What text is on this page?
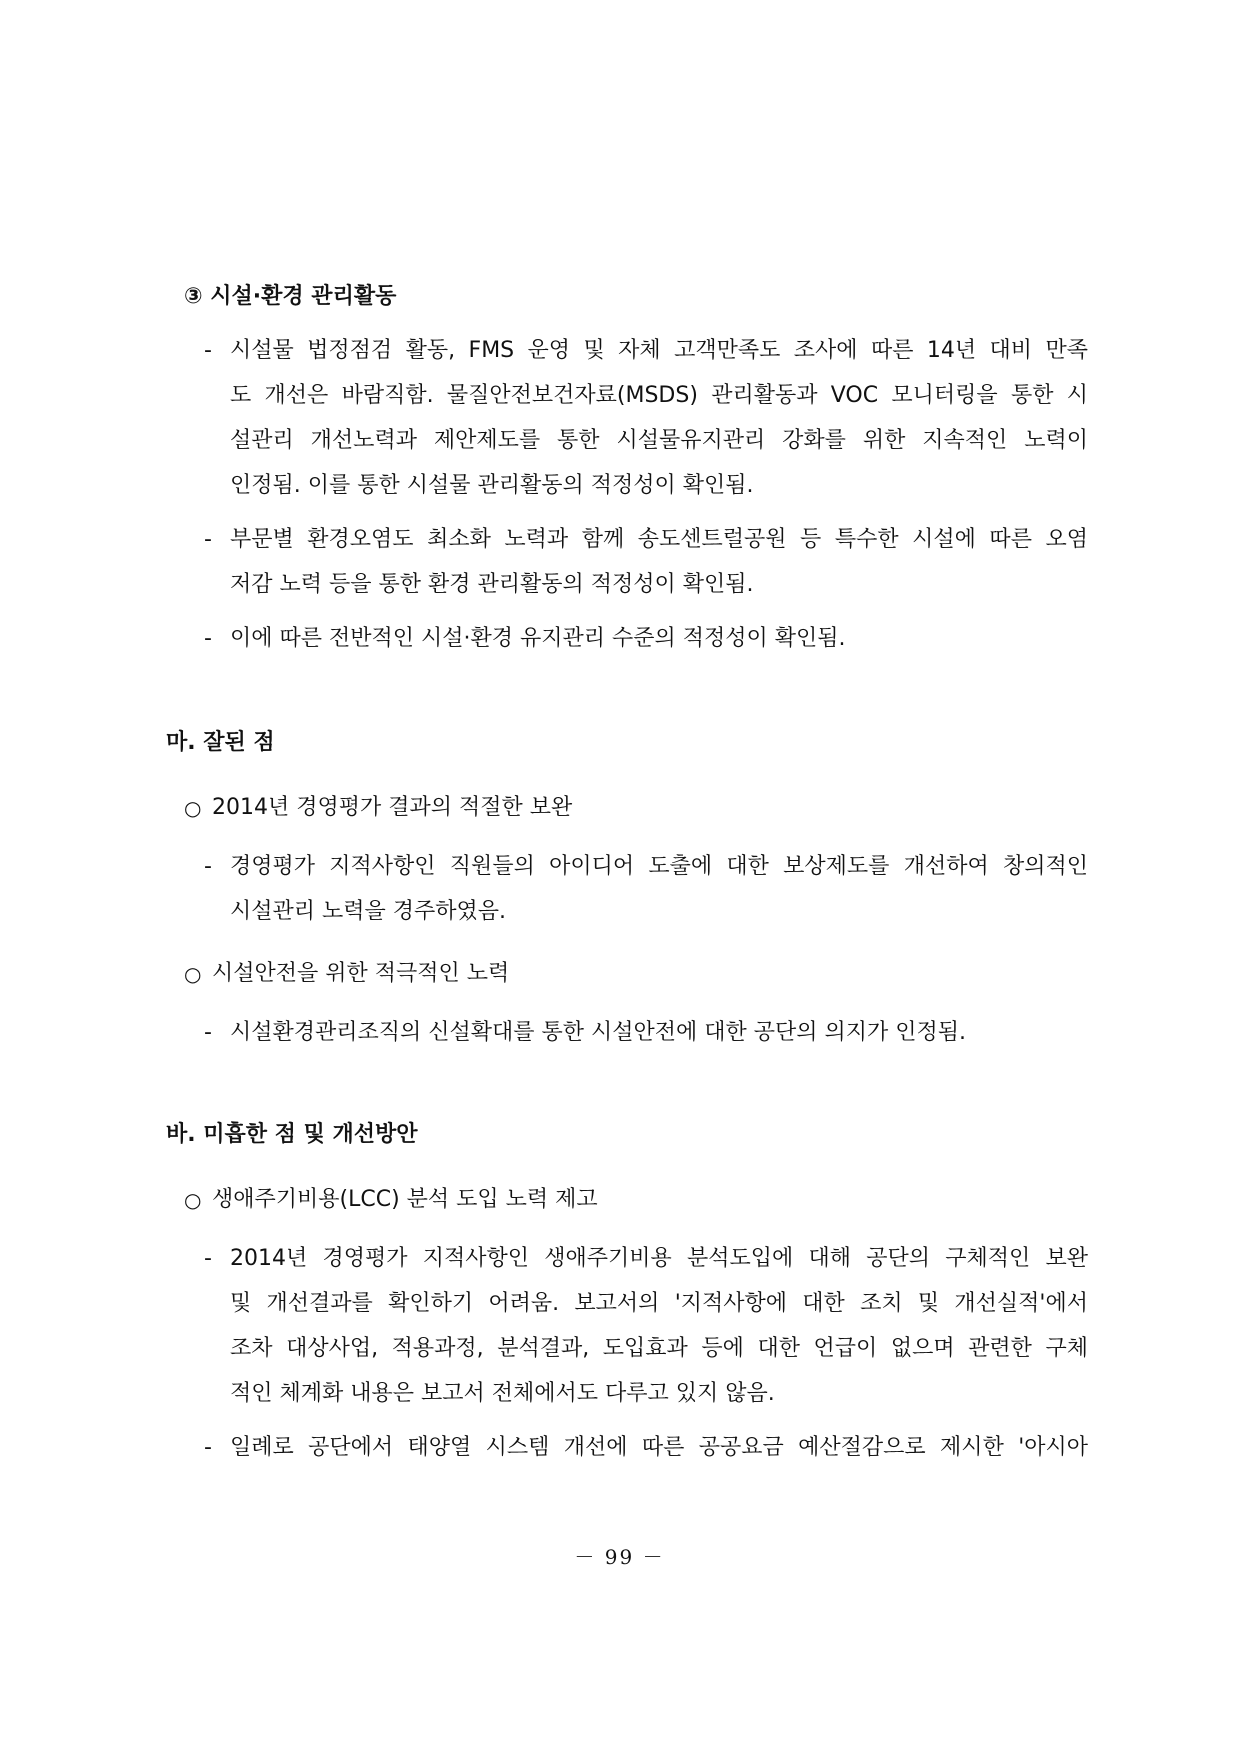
③ 시설·환경 관리활동
- 시설물 법정점검 활동, FMS 운영 및 자체 고객만족도 조사에 따른 14년 대비 만족
도 개선은 바람직함. 물질안전보건자료(MSDS) 관리활동과 VOC 모니터링을 통한 시
설관리 개선노력과 제안제도를 통한 시설물유지관리 강화를 위한 지속적인 노력이
인정됨. 이를 통한 시설물 관리활동의 적정성이 확인됨.
- 부문별 환경오염도 최소화 노력과 함께 송도센트럴공원 등 특수한 시설에 따른 오염
저감 노력 등을 통한 환경 관리활동의 적정성이 확인됨.
- 이에 따른 전반적인 시설·환경 유지관리 수준의 적정성이 확인됨.
마. 잘된 점
○ 2014년 경영평가 결과의 적절한 보완
- 경영평가 지적사항인 직원들의 아이디어 도출에 대한 보상제도를 개선하여 창의적인
시설관리 노력을 경주하였음.
○ 시설안전을 위한 적극적인 노력
- 시설환경관리조직의 신설확대를 통한 시설안전에 대한 공단의 의지가 인정됨.
바. 미흡한 점 및 개선방안
○ 생애주기비용(LCC) 분석 도입 노력 제고
- 2014년 경영평가 지적사항인 생애주기비용 분석도입에 대해 공단의 구체적인 보완
및 개선결과를 확인하기 어려움. 보고서의 '지적사항에 대한 조치 및 개선실적'에서
조차 대상사업, 적용과정, 분석결과, 도입효과 등에 대한 언급이 없으며 관련한 구체
적인 체계화 내용은 보고서 전체에서도 다루고 있지 않음.
- 일례로 공단에서 태양열 시스템 개선에 따른 공공요금 예산절감으로 제시한 '아시아
－ 99 －
